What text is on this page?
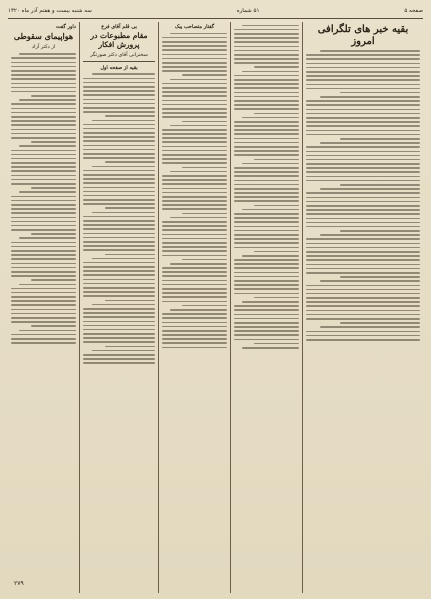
صفحه ۵
۵۱ شماره
سه شنبه بیست و هفتم آذر ماه ۱۳۲۰
بقیه خبر های تلگرافی امروز
گفتار متصاحب یبک
بی قلم آقای فرخ
مقام مطبوعات در پرورش افکار
سخنرانی آقای دکتر صورتگر
بقیه از صفحه اول
داور گفت
هواپیمای سقوطی
از دکتر آزاد
۲۷۹
